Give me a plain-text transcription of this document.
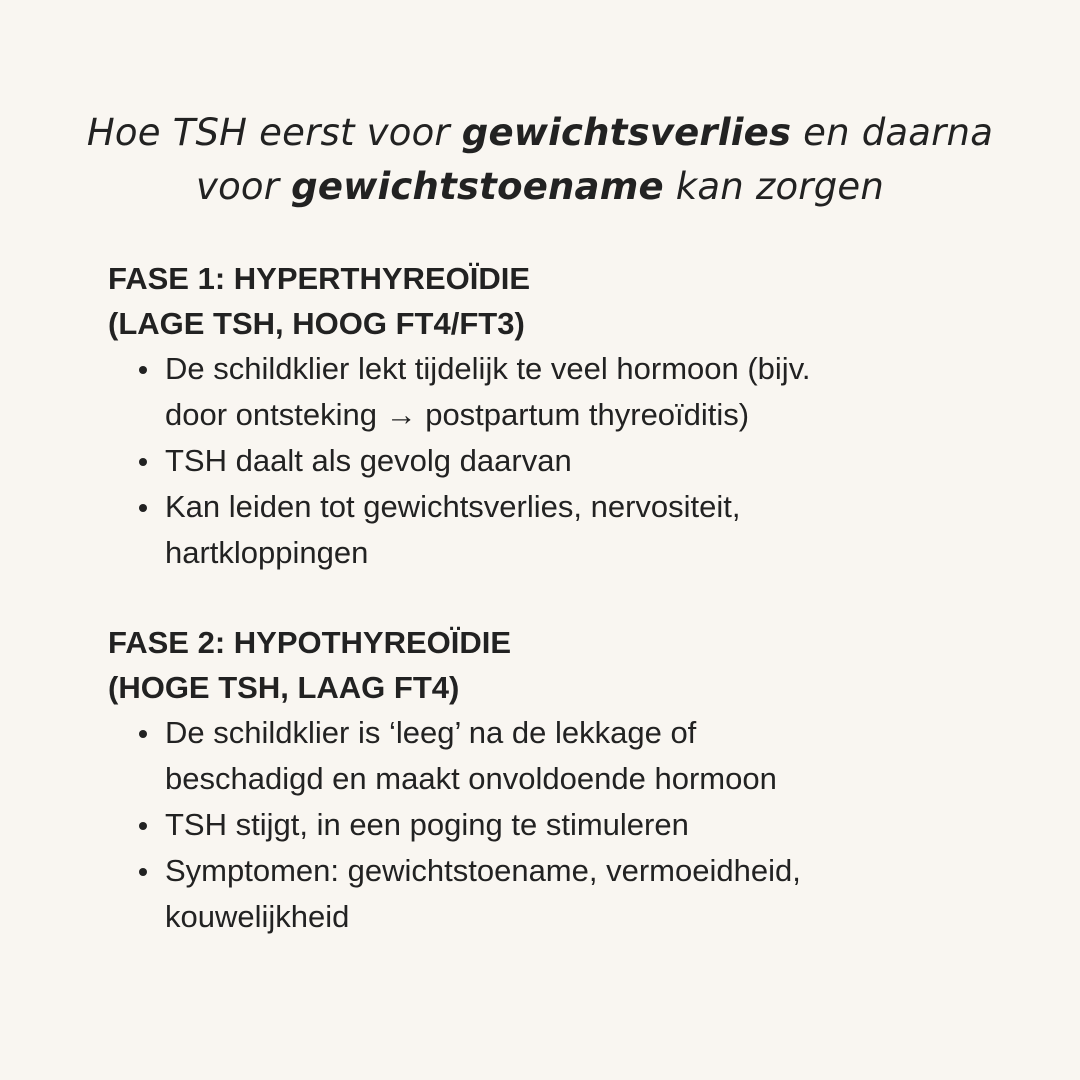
Hoe TSH eerst voor gewichtsverlies en daarna
voor gewichtstoename kan zorgen
FASE 1: HYPERTHYREOÏDIE
(LAGE TSH, HOOG FT4/FT3)
De schildklier lekt tijdelijk te veel hormoon (bijv.
door ontsteking → postpartum thyreoïditis)
TSH daalt als gevolg daarvan
Kan leiden tot gewichtsverlies, nervositeit,
hartkloppingen
FASE 2: HYPOTHYREOÏDIE
(HOGE TSH, LAAG FT4)
De schildklier is ‘leeg’ na de lekkage of
beschadigd en maakt onvoldoende hormoon
TSH stijgt, in een poging te stimuleren
Symptomen: gewichtstoename, vermoeidheid,
kouwelijkheid
